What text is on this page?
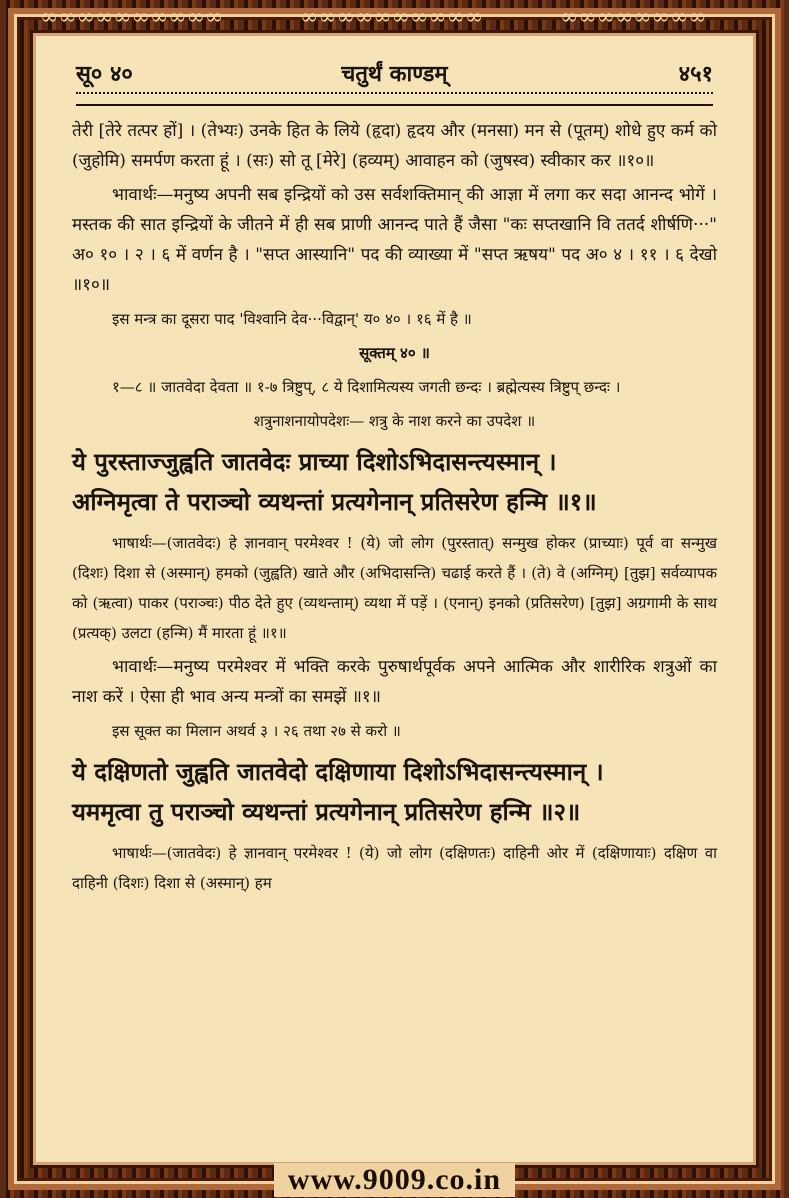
∞∞∞∞∞∞∞∞∞∞	∞∞∞∞∞∞∞∞∞∞	∞∞∞∞∞∞∞∞
सू० ४०	चतुर्थं काण्डम्	४५१

तेरी [तेरे तत्पर हों] । (तेभ्यः) उनके हित के लिये (हृदा) हृदय और (मनसा) मन से (पूतम्) शोधे हुए कर्म को (जुहोमि) समर्पण करता हूं । (सः) सो तू [मेरे] (हव्यम्) आवाहन को (जुषस्व) स्वीकार कर ॥१०॥

भावार्थः—मनुष्य अपनी सब इन्द्रियों को उस सर्वशक्तिमान् की आज्ञा में लगा कर सदा आनन्द भोगें । मस्तक की सात इन्द्रियों के जीतने में ही सब प्राणी आनन्द पाते हैं जैसा "कः सप्तखानि वि ततर्द शीर्षणि···" अ० १० । २ । ६ में वर्णन है । "सप्त आस्यानि" पद की व्याख्या में "सप्त ऋषय" पद अ० ४ । ११ । ६ देखो ॥१०॥

इस मन्त्र का दूसरा पाद 'विश्वानि देव···विद्वान्' य० ४० । १६ में है ॥

सूक्तम् ४० ॥

१—८ ॥ जातवेदा देवता ॥ १-७ त्रिष्टुप्, ८ ये दिशामित्यस्य जगती छन्दः । ब्रह्मेत्यस्य त्रिष्टुप् छन्दः ।

शत्रुनाशनायोपदेशः— शत्रु के नाश करने का उपदेश ॥

ये पुरस्ताज्जुह्वति जातवेदः प्राच्या दिशोऽभिदासन्त्यस्मान् ।
अग्निमृत्वा ते पराञ्चो व्यथन्तां प्रत्यगेनान् प्रतिसरेण हन्मि ॥१॥

भाषार्थः—(जातवेदः) हे ज्ञानवान् परमेश्वर ! (ये) जो लोग (पुरस्तात्) सन्मुख होकर (प्राच्याः) पूर्व वा सन्मुख (दिशः) दिशा से (अस्मान्) हमको (जुह्वति) खाते और (अभिदासन्ति) चढाई करते हैं । (ते) वे (अग्निम्) [तुझ] सर्वव्यापक को (ऋत्वा) पाकर (पराञ्चः) पीठ देते हुए (व्यथन्ताम्) व्यथा में पड़ें । (एनान्) इनको (प्रतिसरेण) [तुझ] अग्रगामी के साथ (प्रत्यक्) उलटा (हन्मि) मैं मारता हूं ॥१॥

भावार्थः—मनुष्य परमेश्वर में भक्ति करके पुरुषार्थपूर्वक अपने आत्मिक और शारीरिक शत्रुओं का नाश करें । ऐसा ही भाव अन्य मन्त्रों का समझें ॥१॥

इस सूक्त का मिलान अथर्व ३ । २६ तथा २७ से करो ॥

ये दक्षिणतो जुह्वति जातवेदो दक्षिणाया दिशोऽभिदासन्त्यस्मान् ।
यममृत्वा तु पराञ्चो व्यथन्तां प्रत्यगेनान् प्रतिसरेण हन्मि ॥२॥

भाषार्थः—(जातवेदः) हे ज्ञानवान् परमेश्वर ! (ये) जो लोग (दक्षिणतः) दाहिनी ओर में (दक्षिणायाः) दक्षिण वा दाहिनी (दिशः) दिशा से (अस्मान्) हम

www.9009.co.in
